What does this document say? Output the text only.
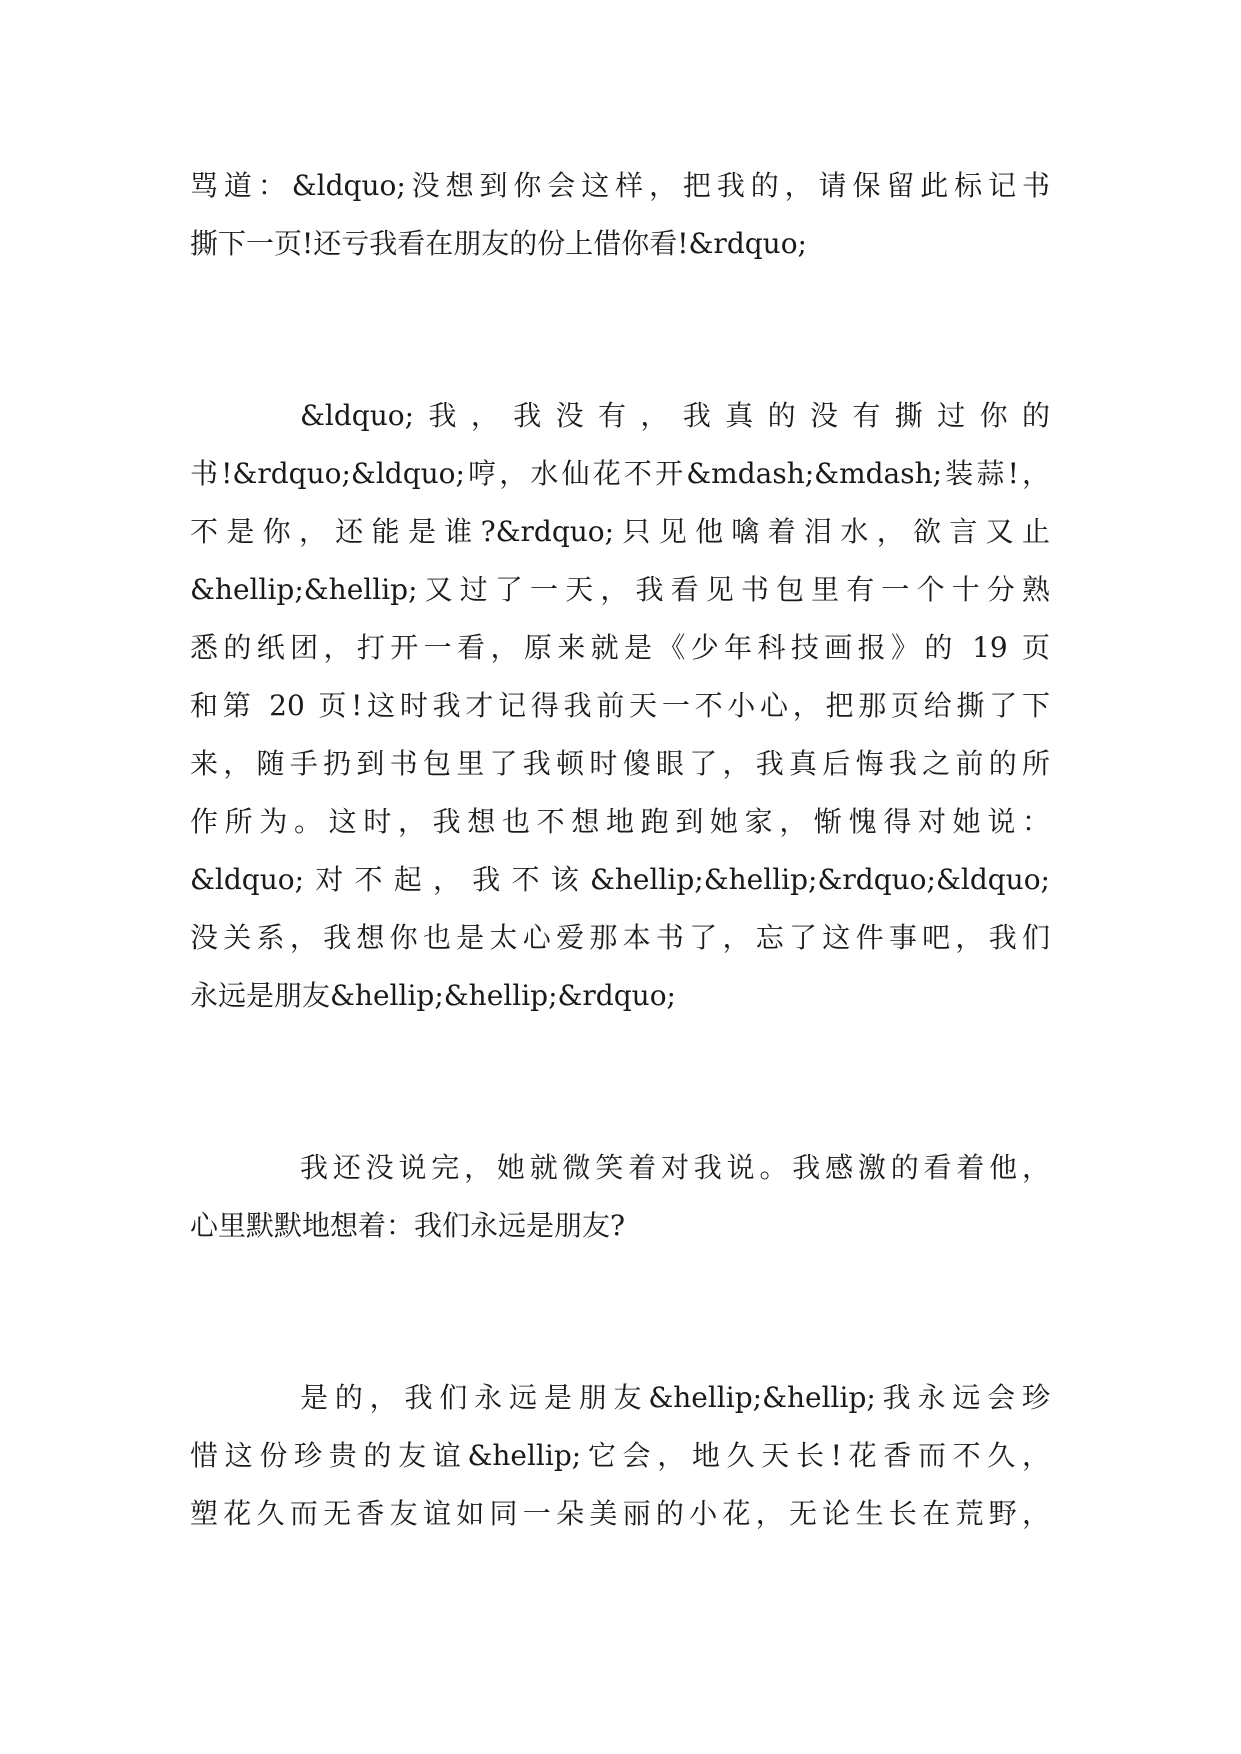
骂道：&ldquo;没想到你会这样，把我的，请保留此标记书
撕下一页!还亏我看在朋友的份上借你看!&rdquo;
&ldquo;我，我没有，我真的没有撕过你的
书!&rdquo;&ldquo;哼，水仙花不开&mdash;&mdash;装蒜!，
不是你，还能是谁?&rdquo;只见他噙着泪水，欲言又止
&hellip;&hellip;又过了一天，我看见书包里有一个十分熟
悉的纸团，打开一看，原来就是《少年科技画报》的 19 页
和第 20 页!这时我才记得我前天一不小心，把那页给撕了下
来，随手扔到书包里了我顿时傻眼了，我真后悔我之前的所
作所为。这时，我想也不想地跑到她家，惭愧得对她说：
&ldquo;对不起，我不该&hellip;&hellip;&rdquo;&ldquo;
没关系，我想你也是太心爱那本书了，忘了这件事吧，我们
永远是朋友&hellip;&hellip;&rdquo;
我还没说完，她就微笑着对我说。我感激的看着他，
心里默默地想着：我们永远是朋友?
是的，我们永远是朋友&hellip;&hellip;我永远会珍
惜这份珍贵的友谊&hellip;它会，地久天长!花香而不久，
塑花久而无香友谊如同一朵美丽的小花，无论生长在荒野，
